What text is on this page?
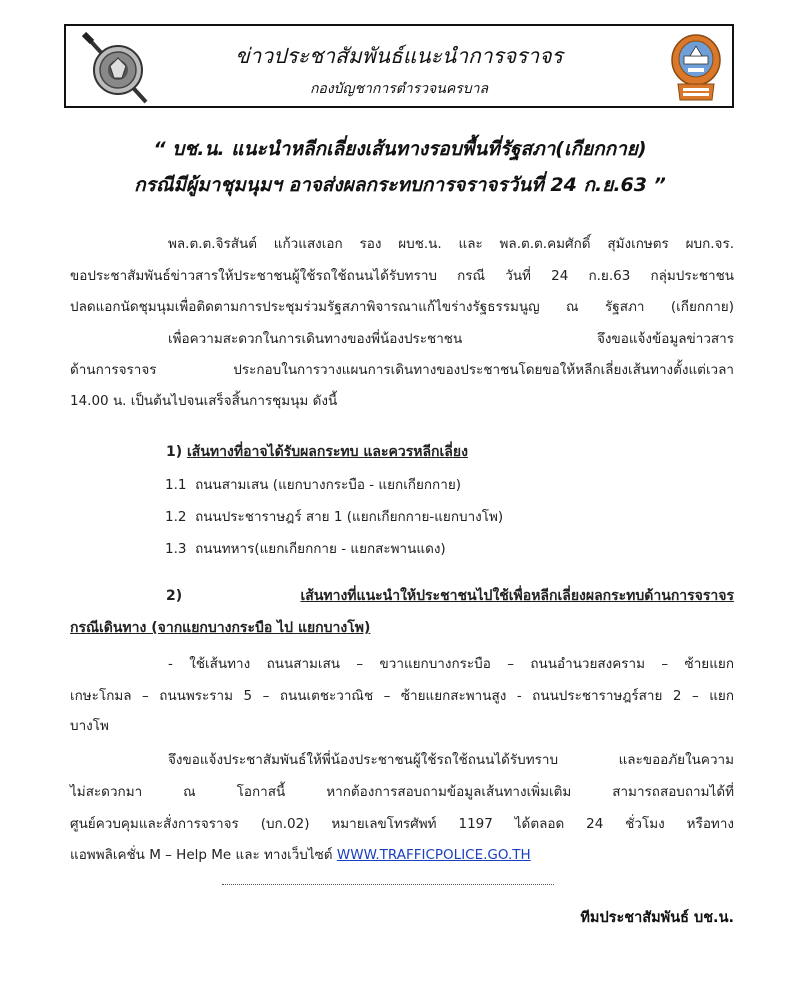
ข่าวประชาสัมพันธ์แนะนำการจราจร
กองบัญชาการตำรวจนครบาล
“ บช.น. แนะนำหลีกเลี่ยงเส้นทางรอบพื้นที่รัฐสภา(เกียกกาย)
กรณีมีผู้มาชุมนุมฯ อาจส่งผลกระทบการจราจรวันที่ 24 ก.ย.63 ”
พล.ต.ต.จิรสันต์ แก้วแสงเอก รอง ผบช.น. และ พล.ต.ต.คมศักดิ์ สุมังเกษตร ผบก.จร.
ขอประชาสัมพันธ์ข่าวสารให้ประชาชนผู้ใช้รถใช้ถนนได้รับทราบ กรณี วันที่ 24 ก.ย.63 กลุ่มประชาชน
ปลดแอกนัดชุมนุมเพื่อติดตามการประชุมร่วมรัฐสภาพิจารณาแก้ไขร่างรัฐธรรมนูญ ณ รัฐสภา (เกียกกาย)
เพื่อความสะดวกในการเดินทางของพี่น้องประชาชน จึงขอแจ้งข้อมูลข่าวสาร
ด้านการจราจร ประกอบในการวางแผนการเดินทางของประชาชนโดยขอให้หลีกเลี่ยงเส้นทางตั้งแต่เวลา
14.00 น. เป็นต้นไปจนเสร็จสิ้นการชุมนุม ดังนี้
1) เส้นทางที่อาจได้รับผลกระทบ และควรหลีกเลี่ยง
1.1 ถนนสามเสน (แยกบางกระบือ - แยกเกียกกาย)
1.2 ถนนประชาราษฎร์ สาย 1 (แยกเกียกกาย-แยกบางโพ)
1.3 ถนนทหาร(แยกเกียกกาย - แยกสะพานแดง)
2)	เส้นทางที่แนะนำให้ประชาชนไปใช้เพื่อหลีกเลี่ยงผลกระทบด้านการจราจร
กรณีเดินทาง (จากแยกบางกระบือ ไป แยกบางโพ)
- ใช้เส้นทาง ถนนสามเสน – ขวาแยกบางกระบือ – ถนนอำนวยสงคราม – ซ้ายแยก
เกษะโกมล – ถนนพระราม 5 – ถนนเตชะวาณิช – ซ้ายแยกสะพานสูง - ถนนประชาราษฎร์สาย 2 – แยก
บางโพ
จึงขอแจ้งประชาสัมพันธ์ให้พี่น้องประชาชนผู้ใช้รถใช้ถนนได้รับทราบ และขออภัยในความ
ไม่สะดวกมา ณ โอกาสนี้ หากต้องการสอบถามข้อมูลเส้นทางเพิ่มเติม สามารถสอบถามได้ที่
ศูนย์ควบคุมและสั่งการจราจร (บก.02) หมายเลขโทรศัพท์ 1197 ได้ตลอด 24 ชั่วโมง หรือทาง
แอพพลิเคชั่น M – Help Me และ ทางเว็บไซต์ WWW.TRAFFICPOLICE.GO.TH
ทีมประชาสัมพันธ์ บช.น.
